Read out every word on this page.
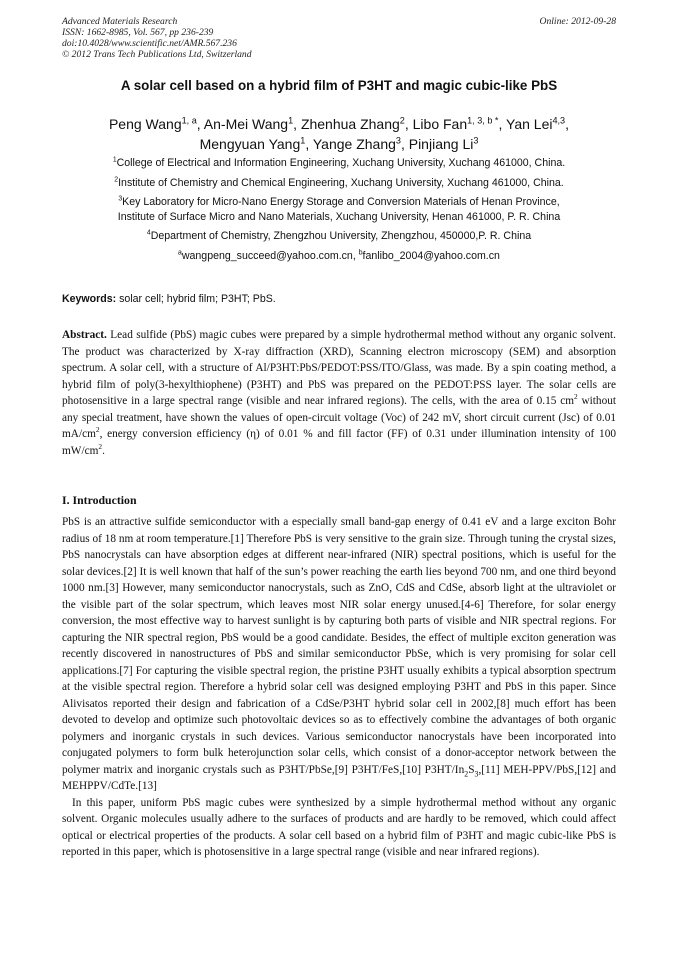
Advanced Materials Research
ISSN: 1662-8985, Vol. 567, pp 236-239
doi:10.4028/www.scientific.net/AMR.567.236
© 2012 Trans Tech Publications Ltd, Switzerland
Online: 2012-09-28
A solar cell based on a hybrid film of P3HT and magic cubic-like PbS
Peng Wang$^{1, a}$, An-Mei Wang$^1$, Zhenhua Zhang$^2$, Libo Fan$^{1, 3, b *}$, Yan Lei$^{4,3}$,
Mengyuan Yang$^1$, Yange Zhang$^3$, Pinjiang Li$^3$
$^1$College of Electrical and Information Engineering, Xuchang University, Xuchang 461000, China.
$^2$Institute of Chemistry and Chemical Engineering, Xuchang University, Xuchang 461000, China.
$^3$Key Laboratory for Micro-Nano Energy Storage and Conversion Materials of Henan Province,
Institute of Surface Micro and Nano Materials, Xuchang University, Henan 461000, P. R. China
$^4$Department of Chemistry, Zhengzhou University, Zhengzhou, 450000,P. R. China
$^a$wangpeng_succeed@yahoo.com.cn, $^b$fanlibo_2004@yahoo.com.cn
Keywords: solar cell; hybrid film; P3HT; PbS.
Abstract. Lead sulfide (PbS) magic cubes were prepared by a simple hydrothermal method without any organic solvent. The product was characterized by X-ray diffraction (XRD), Scanning electron microscopy (SEM) and absorption spectrum. A solar cell, with a structure of Al/P3HT:PbS/PEDOT:PSS/ITO/Glass, was made. By a spin coating method, a hybrid film of poly(3-hexylthiophene) (P3HT) and PbS was prepared on the PEDOT:PSS layer. The solar cells are photosensitive in a large spectral range (visible and near infrared regions). The cells, with the area of 0.15 $cm^2$ without any special treatment, have shown the values of open-circuit voltage (Voc) of 242 mV, short circuit current (Jsc) of 0.01 $mA/cm^2$, energy conversion efficiency (η) of 0.01 % and fill factor (FF) of 0.31 under illumination intensity of 100 $mW/cm^2$.
I. Introduction

PbS is an attractive sulfide semiconductor with a especially small band-gap energy of 0.41 eV and a large exciton Bohr radius of 18 nm at room temperature.[1] Therefore PbS is very sensitive to the grain size. Through tuning the crystal sizes, PbS nanocrystals can have absorption edges at different near-infrared (NIR) spectral positions, which is useful for the solar devices.[2] It is well known that half of the sun’s power reaching the earth lies beyond 700 nm, and one third beyond 1000 nm.[3] However, many semiconductor nanocrystals, such as ZnO, CdS and CdSe, absorb light at the ultraviolet or the visible part of the solar spectrum, which leaves most NIR solar energy unused.[4-6] Therefore, for solar energy conversion, the most effective way to harvest sunlight is by capturing both parts of visible and NIR spectral regions. For capturing the NIR spectral region, PbS would be a good candidate. Besides, the effect of multiple exciton generation was recently discovered in nanostructures of PbS and similar semiconductor PbSe, which is very promising for solar cell applications.[7] For capturing the visible spectral region, the pristine P3HT usually exhibits a typical absorption spectrum at the visible spectral region. Therefore a hybrid solar cell was designed employing P3HT and PbS in this paper. Since Alivisatos reported their design and fabrication of a CdSe/P3HT hybrid solar cell in 2002,[8] much effort has been devoted to develop and optimize such photovoltaic devices so as to effectively combine the advantages of both organic polymers and inorganic crystals in such devices. Various semiconductor nanocrystals have been incorporated into conjugated polymers to form bulk heterojunction solar cells, which consist of a donor-acceptor network between the polymer matrix and inorganic crystals such as P3HT/PbSe,[9] P3HT/FeS,[10] $P3HT/In_2S_3,[11]$ MEH-PPV/PbS,[12] and MEHPPV/CdTe.[13]

In this paper, uniform PbS magic cubes were synthesized by a simple hydrothermal method without any organic solvent. Organic molecules usually adhere to the surfaces of products and are hardly to be removed, which could affect optical or electrical properties of the products. A solar cell based on a hybrid film of P3HT and magic cubic-like PbS is reported in this paper, which is photosensitive in a large spectral range (visible and near infrared regions).
